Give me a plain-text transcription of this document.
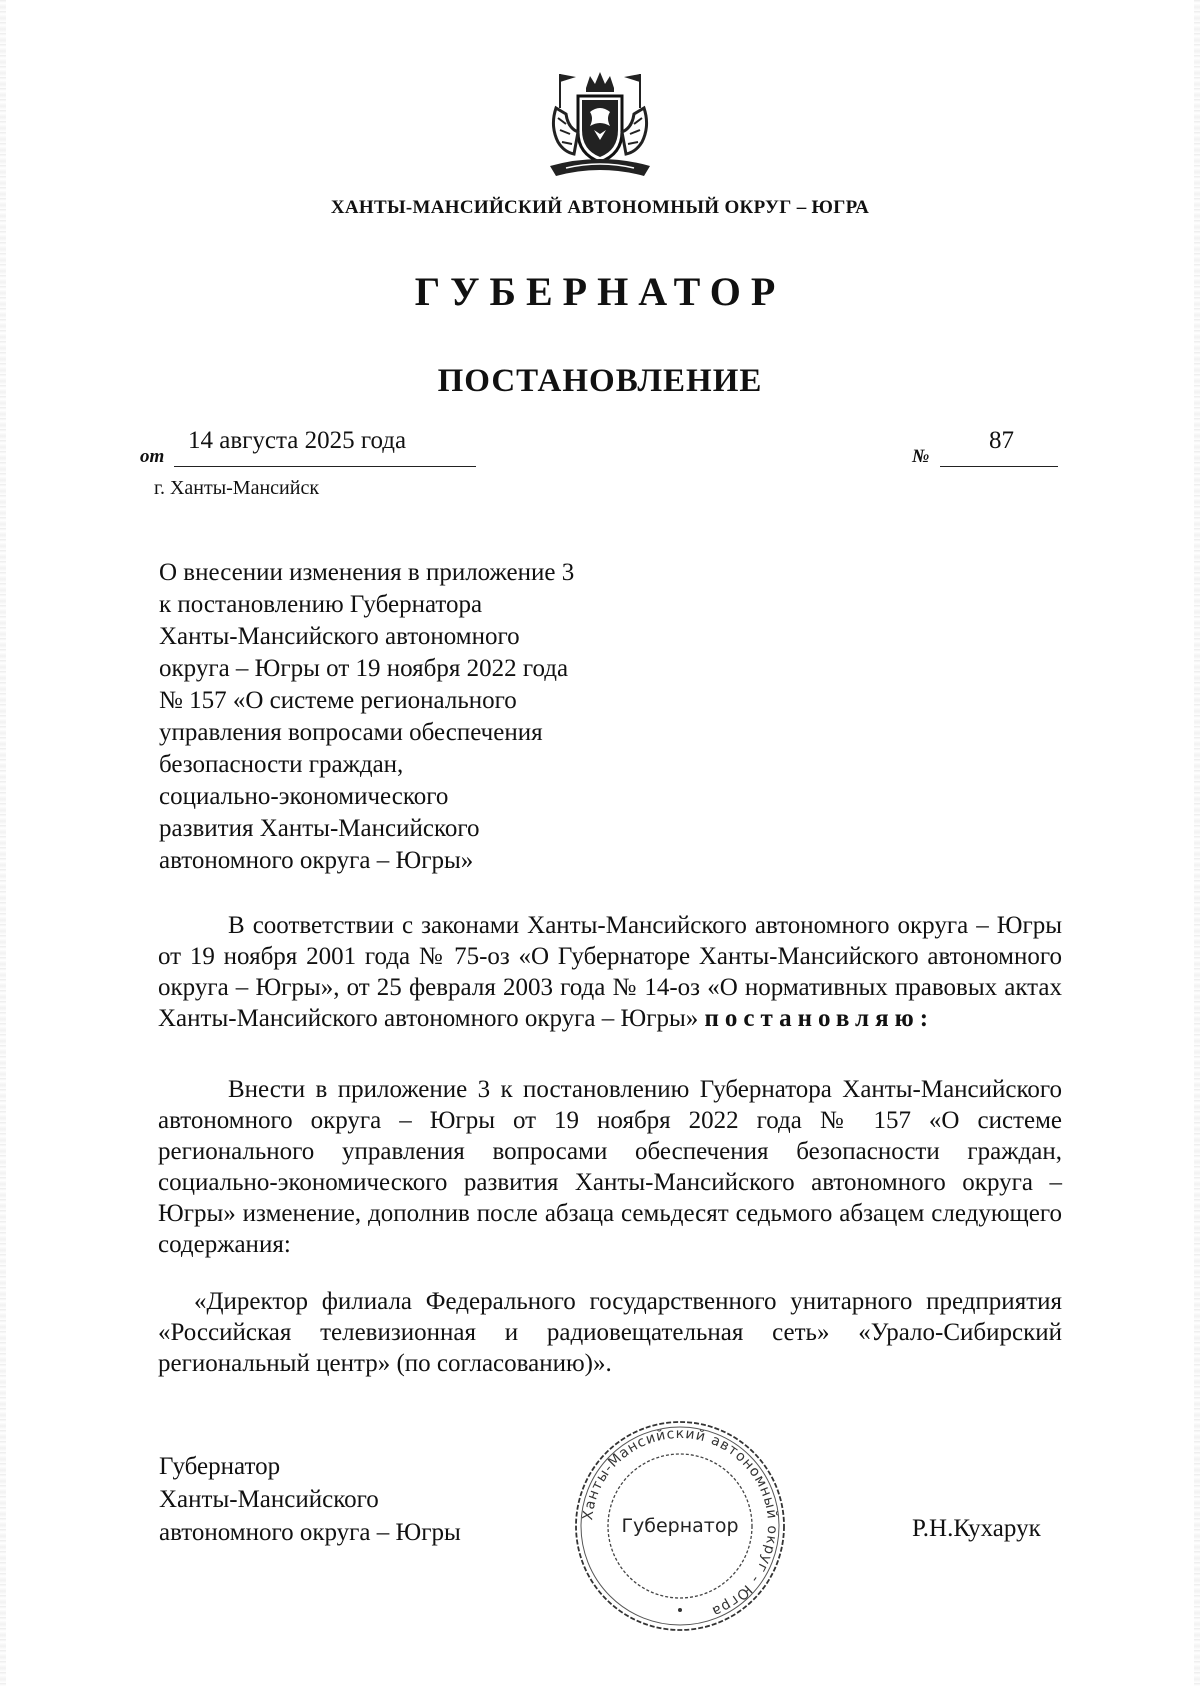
ХАНТЫ-МАНСИЙСКИЙ АВТОНОМНЫЙ ОКРУГ – ЮГРА
ГУБЕРНАТОР
ПОСТАНОВЛЕНИЕ
от
14 августа 2025 года
№
87
г. Ханты-Мансийск
О внесении изменения в приложение 3
к постановлению Губернатора
Ханты-Мансийского автономного
округа – Югры от 19 ноября 2022 года
№ 157 «О системе регионального
управления вопросами обеспечения
безопасности граждан,
социально-экономического
развития Ханты-Мансийского
автономного округа – Югры»
В соответствии с законами Ханты-Мансийского автономного округа – Югры от 19 ноября 2001 года № 75-оз «О Губернаторе Ханты-Мансийского автономного округа – Югры», от 25 февраля 2003 года № 14-оз «О нормативных правовых актах Ханты-Мансийского автономного округа – Югры» постановляю:
Внести в приложение 3 к постановлению Губернатора Ханты-Мансийского автономного округа – Югры от 19 ноября 2022 года № 157 «О системе регионального управления вопросами обеспечения безопасности граждан, социально-экономического развития Ханты-Мансийского автономного округа – Югры» изменение, дополнив после абзаца семьдесят седьмого абзацем следующего содержания:
«Директор филиала Федерального государственного унитарного предприятия «Российская телевизионная и радиовещательная сеть» «Урало-Сибирский региональный центр» (по согласованию)».
Губернатор
Ханты-Мансийского
автономного округа – Югры
Ханты-Мансийский автономный округ - Югра
Губернатор	Р.Н.Кухарук
